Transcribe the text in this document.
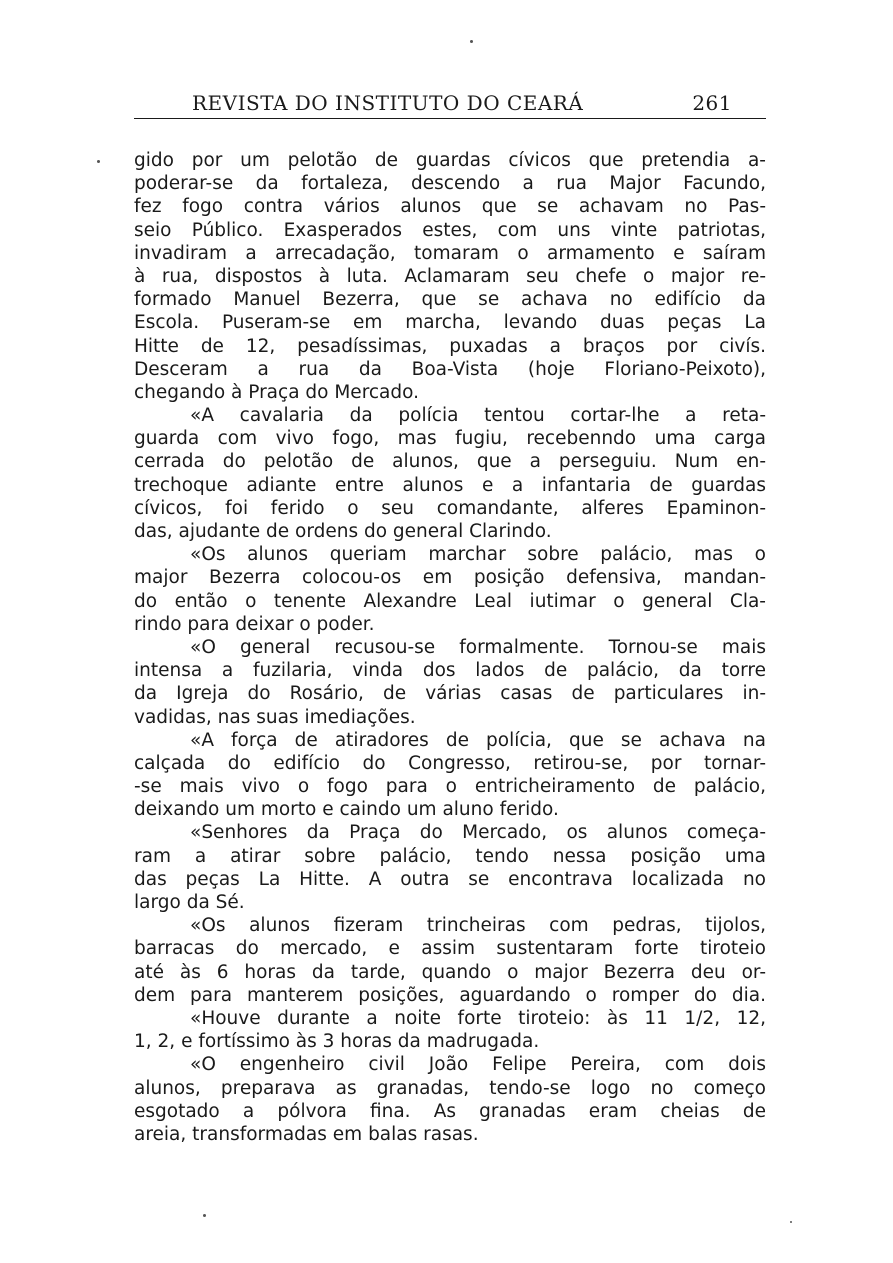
REVISTA DO INSTITUTO DO CEARÁ	261
gido por um pelotão de guardas cívicos que pretendia a-
poderar-se da fortaleza, descendo a rua Major Facundo,
fez fogo contra vários alunos que se achavam no Pas-
seio Público. Exasperados estes, com uns vinte patriotas,
invadiram a arrecadação, tomaram o armamento e saíram
à rua, dispostos à luta. Aclamaram seu chefe o major re-
formado Manuel Bezerra, que se achava no edifício da
Escola. Puseram-se em marcha, levando duas peças La
Hitte de 12, pesadíssimas, puxadas a braços por civís.
Desceram a rua da Boa-Vista (hoje Floriano-Peixoto),
chegando à Praça do Mercado.
«A cavalaria da polícia tentou cortar-lhe a reta-
guarda com vivo fogo, mas fugiu, recebenndo uma carga
cerrada do pelotão de alunos, que a perseguiu. Num en-
trechoque adiante entre alunos e a infantaria de guardas
cívicos, foi ferido o seu comandante, alferes Epaminon-
das, ajudante de ordens do general Clarindo.
«Os alunos queriam marchar sobre palácio, mas o
major Bezerra colocou-os em posição defensiva, mandan-
do então o tenente Alexandre Leal iutimar o general Cla-
rindo para deixar o poder.
«O general recusou-se formalmente. Tornou-se mais
intensa a fuzilaria, vinda dos lados de palácio, da torre
da Igreja do Rosário, de várias casas de particulares in-
vadidas, nas suas imediações.
«A força de atiradores de polícia, que se achava na
calçada do edifício do Congresso, retirou-se, por tornar-
-se mais vivo o fogo para o entricheiramento de palácio,
deixando um morto e caindo um aluno ferido.
«Senhores da Praça do Mercado, os alunos começa-
ram a atirar sobre palácio, tendo nessa posição uma
das peças La Hitte. A outra se encontrava localizada no
largo da Sé.
«Os alunos fizeram trincheiras com pedras, tijolos,
barracas do mercado, e assim sustentaram forte tiroteio
até às 6 horas da tarde, quando o major Bezerra deu or-
dem para manterem posições, aguardando o romper do dia.
«Houve durante a noite forte tiroteio: às 11 1/2, 12,
1, 2, e fortíssimo às 3 horas da madrugada.
«O engenheiro civil João Felipe Pereira, com dois
alunos, preparava as granadas, tendo-se logo no começo
esgotado a pólvora fina. As granadas eram cheias de
areia, transformadas em balas rasas.
